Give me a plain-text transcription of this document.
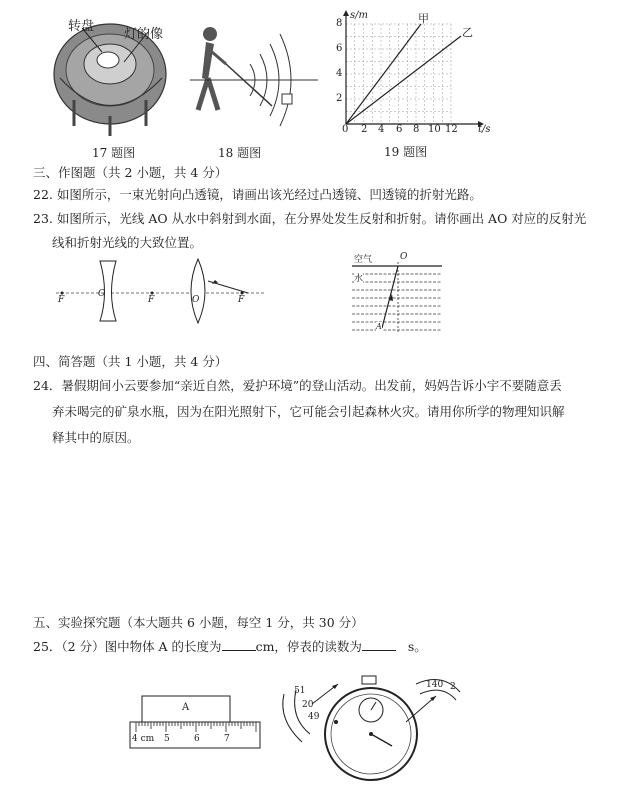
转盘
灯的像
17 题图	18 题图
s/m
t/s
甲
乙
8
6
4
2
0 2 4 6 8 10 12
19 题图
三、作图题（共 2 小题，共 4 分）
22. 如图所示，一束光射向凸透镜，请画出该光经过凸透镜、凹透镜的折射光路。
23. 如图所示，光线 AO 从水中斜射到水面，在分界处发生反射和折射。请你画出 AO 对应的反射光
线和折射光线的大致位置。
F
O
F	O	F
空气
水
O
A
四、简答题（共 1 小题，共 4 分）
24．暑假期间小云要参加“亲近自然，爱护环境”的登山活动。出发前，妈妈告诉小宇不要随意丢
弃未喝完的矿泉水瓶，因为在阳光照射下，它可能会引起森林火灾。请用你所学的物理知识解
释其中的原因。
五、实验探究题（本大题共 6 小题，每空 1 分，共 30 分）
25．（2 分）图中物体 A 的长度为	cm，停表的读数为	s。
A
4 cm 5	6	7
51
20
49
140 2
